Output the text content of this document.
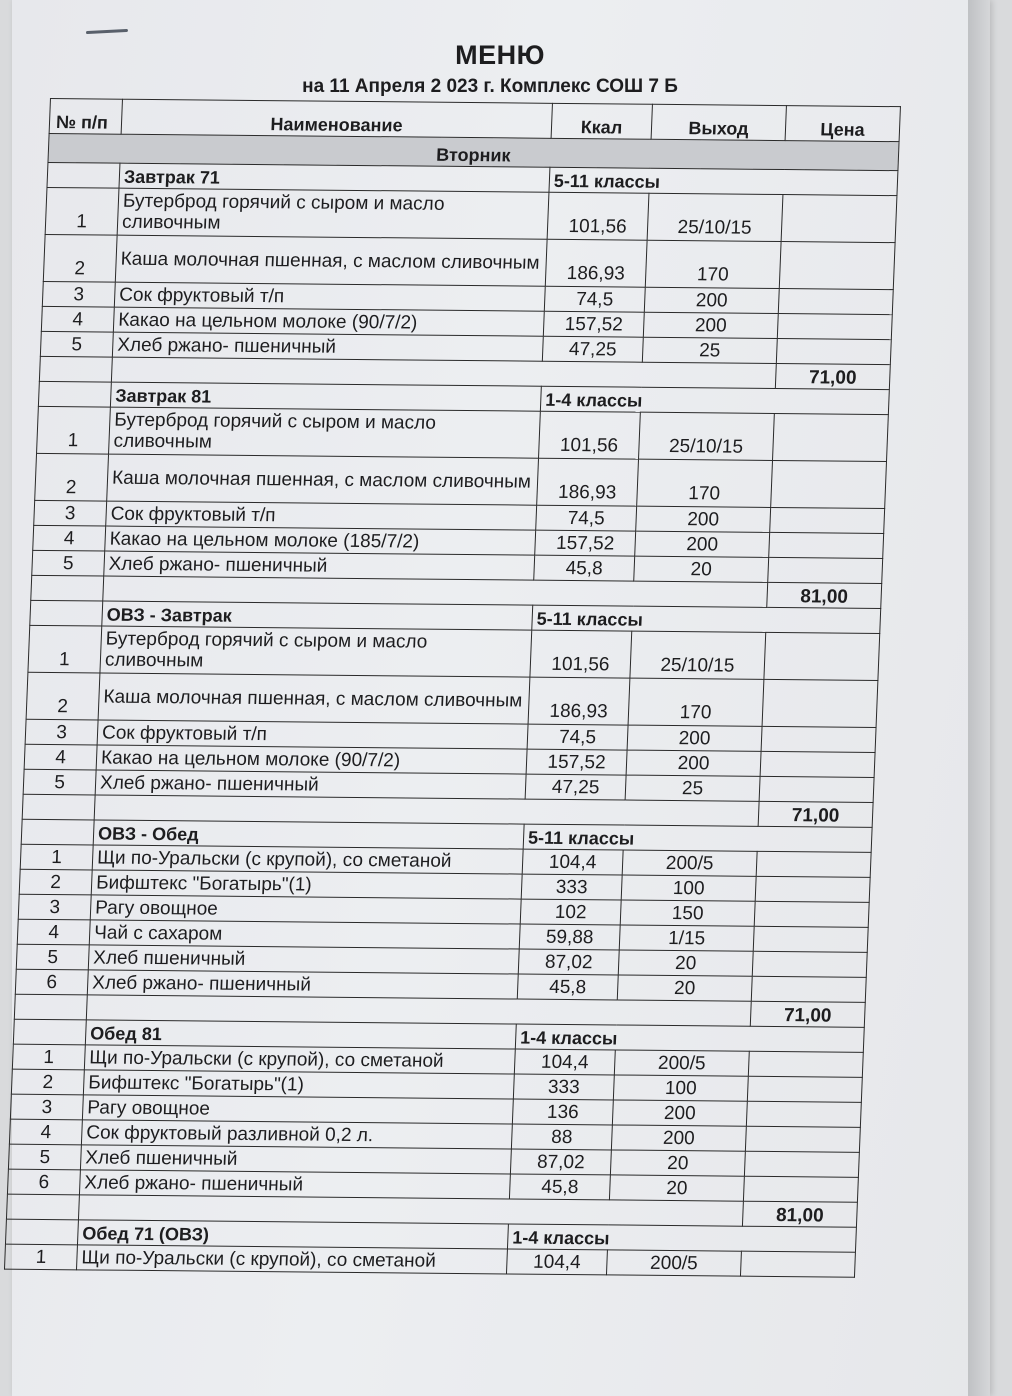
МЕНЮ
на 11 Апреля 2 023 г. Комплекс СОШ 7 Б
№ п/п	Наименование	Ккал	Выход	Цена
Вторник				
	Завтрак 71	5-11 классы		
1	Бутерброд горячий с сыром и масло сливочным	101,56	25/10/15	
2	Каша молочная пшенная, с маслом сливочным	186,93	170	
3	Сок фруктовый т/п	74,5	200	
4	Какао на цельном молоке (90/7/2)	157,52	200	
5	Хлеб ржано- пшеничный	47,25	25	
				71,00
	Завтрак 81	1-4 классы		
1	Бутерброд горячий с сыром и масло сливочным	101,56	25/10/15	
2	Каша молочная пшенная, с маслом сливочным	186,93	170	
3	Сок фруктовый т/п	74,5	200	
4	Какао на цельном молоке (185/7/2)	157,52	200	
5	Хлеб ржано- пшеничный	45,8	20	
				81,00
	ОВЗ - Завтрак	5-11 классы		
1	Бутерброд горячий с сыром и масло сливочным	101,56	25/10/15	
2	Каша молочная пшенная, с маслом сливочным	186,93	170	
3	Сок фруктовый т/п	74,5	200	
4	Какао на цельном молоке (90/7/2)	157,52	200	
5	Хлеб ржано- пшеничный	47,25	25	
				71,00
	ОВЗ - Обед	5-11 классы		
1	Щи по-Уральски (с крупой), со сметаной	104,4	200/5	
2	Бифштекс "Богатырь"(1)	333	100	
3	Рагу овощное	102	150	
4	Чай с сахаром	59,88	1/15	
5	Хлеб пшеничный	87,02	20	
6	Хлеб ржано- пшеничный	45,8	20	
				71,00
	Обед 81	1-4 классы		
1	Щи по-Уральски (с крупой), со сметаной	104,4	200/5	
2	Бифштекс "Богатырь"(1)	333	100	
3	Рагу овощное	136	200	
4	Сок фруктовый разливной 0,2 л.	88	200	
5	Хлеб пшеничный	87,02	20	
6	Хлеб ржано- пшеничный	45,8	20	
				81,00
	Обед 71 (ОВЗ)	1-4 классы		
1	Щи по-Уральски (с крупой), со сметаной	104,4	200/5	
